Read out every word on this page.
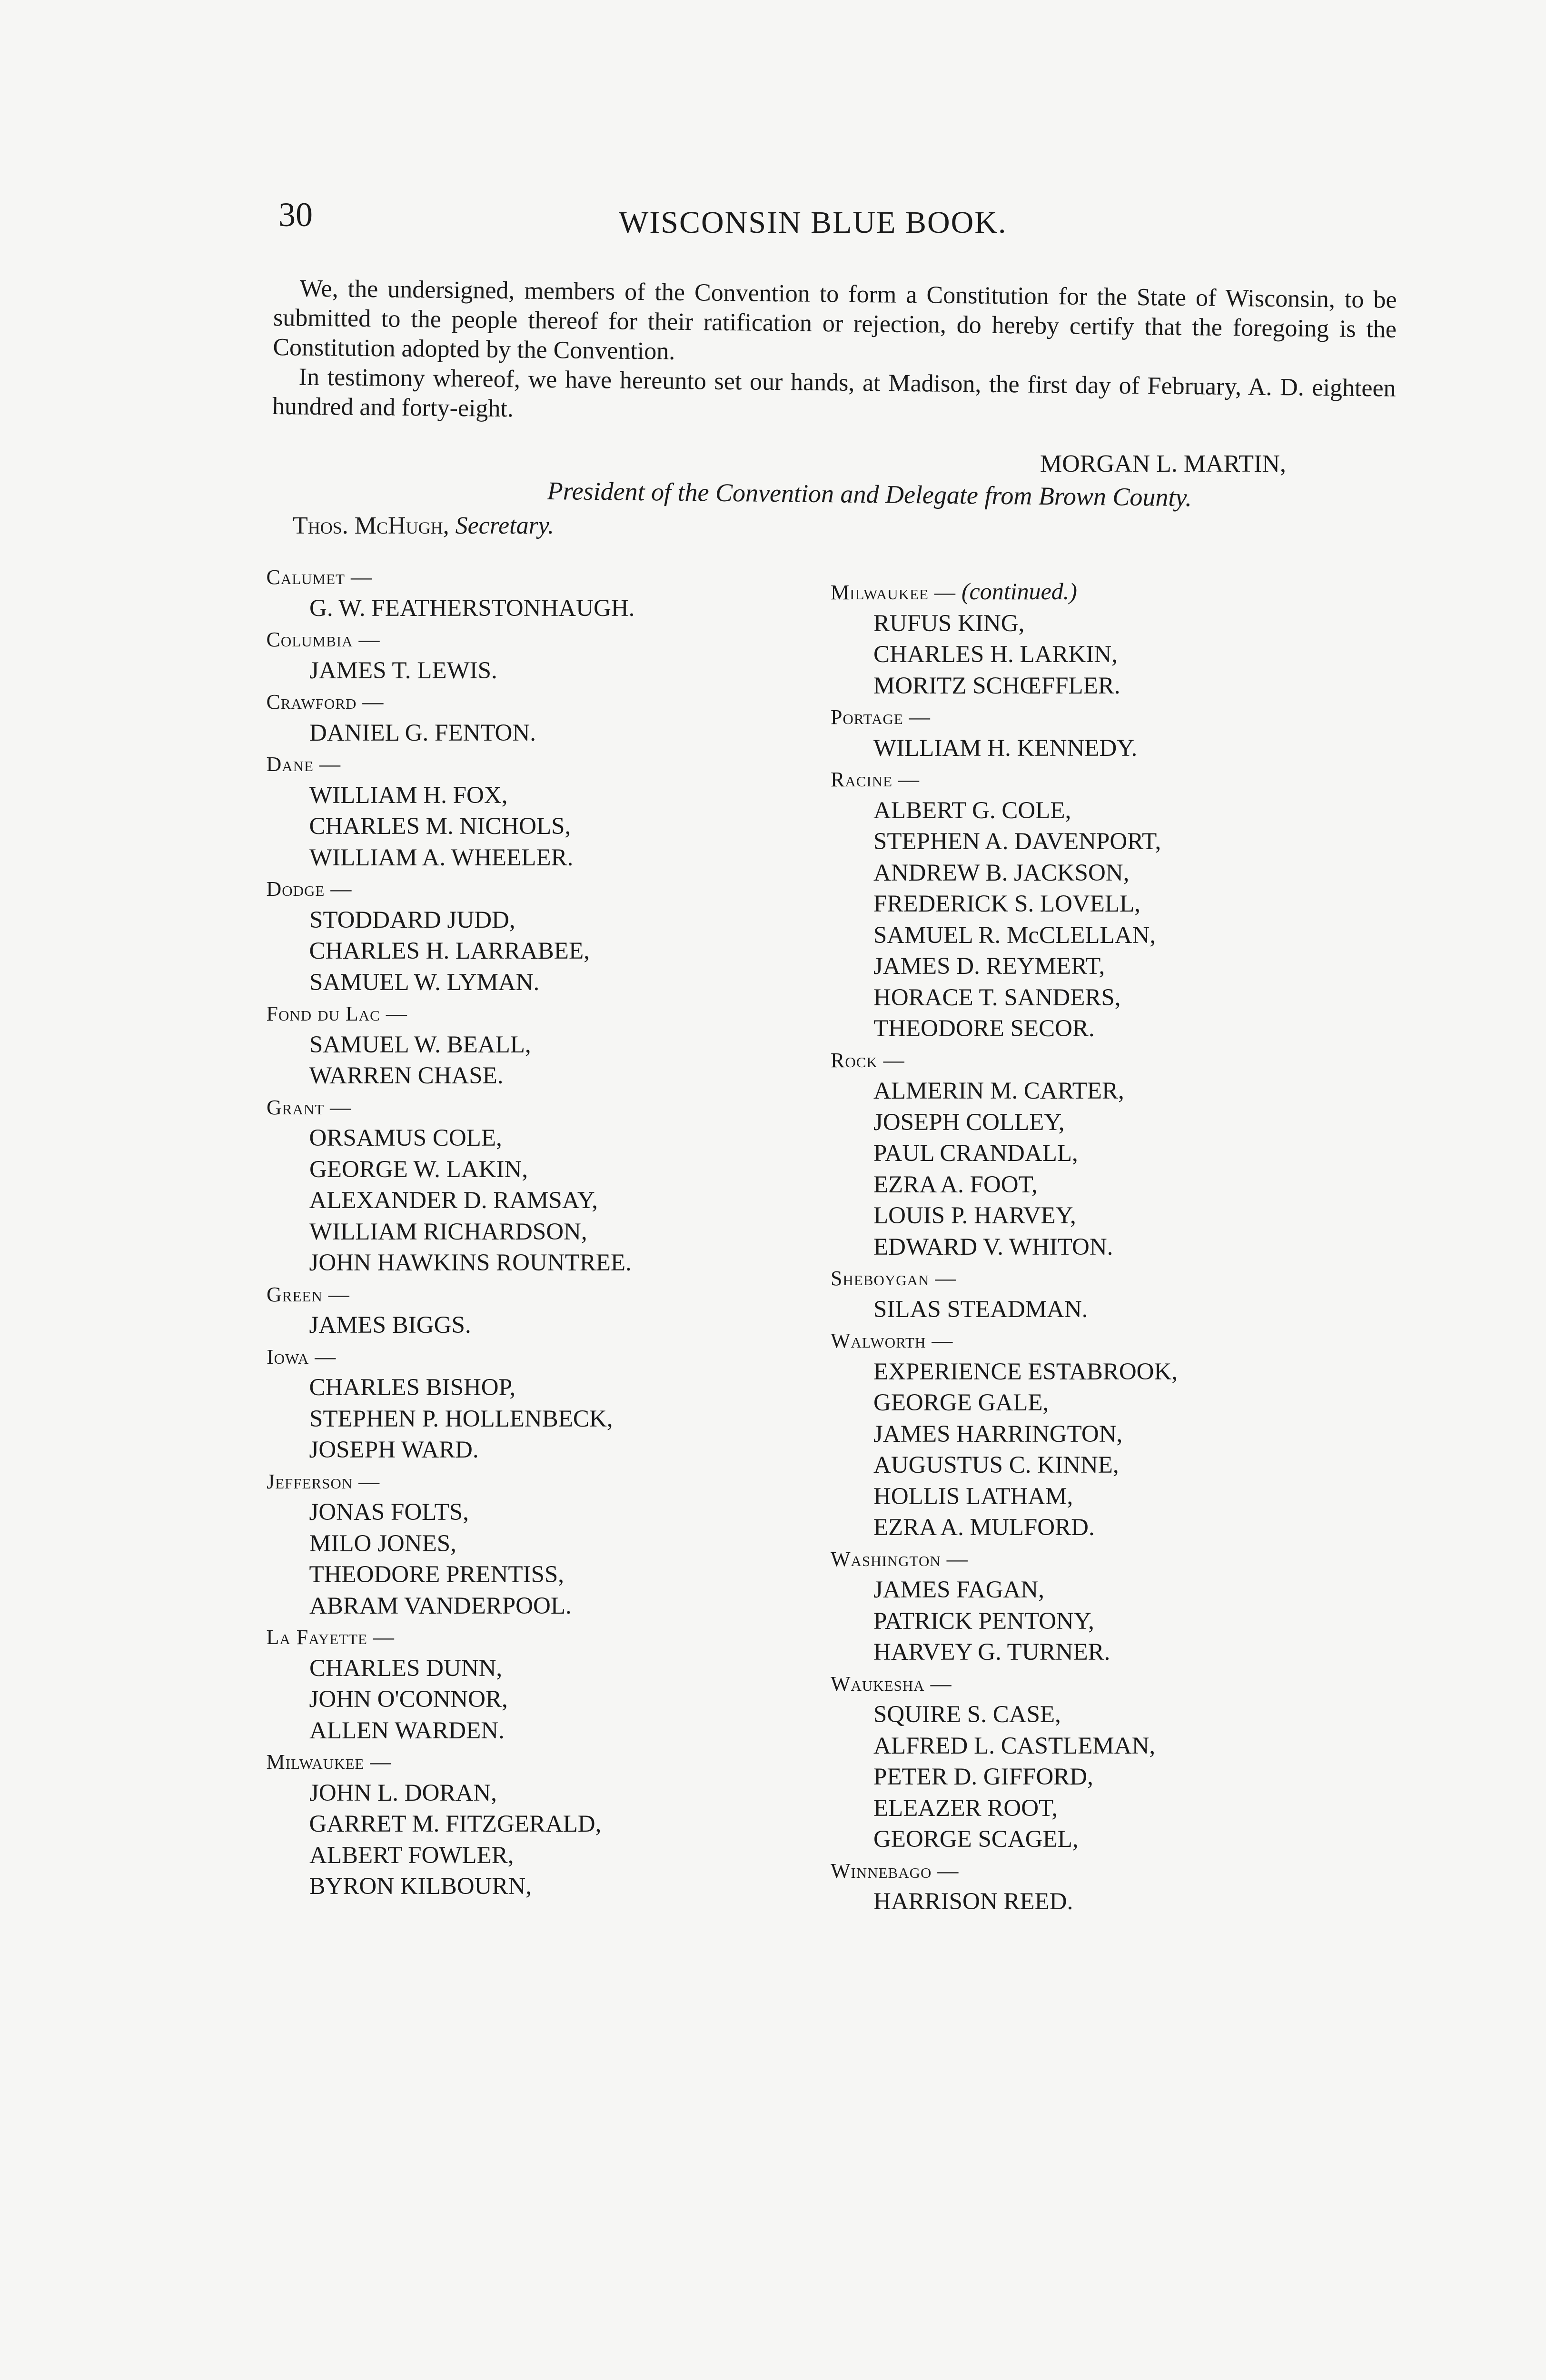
30	WISCONSIN BLUE BOOK.

We, the undersigned, members of the Convention to form a Constitution for the State of Wisconsin, to be submitted to the people thereof for their ratification or rejection, do hereby certify that the foregoing is the Constitution adopted by the Convention.

In testimony whereof, we have hereunto set our hands, at Madison, the first day of February, A. D. eighteen hundred and forty-eight.

MORGAN L. MARTIN,
President of the Convention and Delegate from Brown County.
Thos. McHugh, Secretary.
Calumet —
G. W. FEATHERSTONHAUGH.
Columbia —
JAMES T. LEWIS.
Crawford —
DANIEL G. FENTON.
Dane —
WILLIAM H. FOX,
CHARLES M. NICHOLS,
WILLIAM A. WHEELER.
Dodge —
STODDARD JUDD,
CHARLES H. LARRABEE,
SAMUEL W. LYMAN.
Fond du Lac —
SAMUEL W. BEALL,
WARREN CHASE.
Grant —
ORSAMUS COLE,
GEORGE W. LAKIN,
ALEXANDER D. RAMSAY,
WILLIAM RICHARDSON,
JOHN HAWKINS ROUNTREE.
Green —
JAMES BIGGS.
Iowa —
CHARLES BISHOP,
STEPHEN P. HOLLENBECK,
JOSEPH WARD.
Jefferson —
JONAS FOLTS,
MILO JONES,
THEODORE PRENTISS,
ABRAM VANDERPOOL.
La Fayette —
CHARLES DUNN,
JOHN O'CONNOR,
ALLEN WARDEN.
Milwaukee —
JOHN L. DORAN,
GARRET M. FITZGERALD,
ALBERT FOWLER,
BYRON KILBOURN,
Milwaukee — (continued.)
RUFUS KING,
CHARLES H. LARKIN,
MORITZ SCHŒFFLER.
Portage —
WILLIAM H. KENNEDY.
Racine —
ALBERT G. COLE,
STEPHEN A. DAVENPORT,
ANDREW B. JACKSON,
FREDERICK S. LOVELL,
SAMUEL R. McCLELLAN,
JAMES D. REYMERT,
HORACE T. SANDERS,
THEODORE SECOR.
Rock —
ALMERIN M. CARTER,
JOSEPH COLLEY,
PAUL CRANDALL,
EZRA A. FOOT,
LOUIS P. HARVEY,
EDWARD V. WHITON.
Sheboygan —
SILAS STEADMAN.
Walworth —
EXPERIENCE ESTABROOK,
GEORGE GALE,
JAMES HARRINGTON,
AUGUSTUS C. KINNE,
HOLLIS LATHAM,
EZRA A. MULFORD.
Washington —
JAMES FAGAN,
PATRICK PENTONY,
HARVEY G. TURNER.
Waukesha —
SQUIRE S. CASE,
ALFRED L. CASTLEMAN,
PETER D. GIFFORD,
ELEAZER ROOT,
GEORGE SCAGEL,
Winnebago —
HARRISON REED.
